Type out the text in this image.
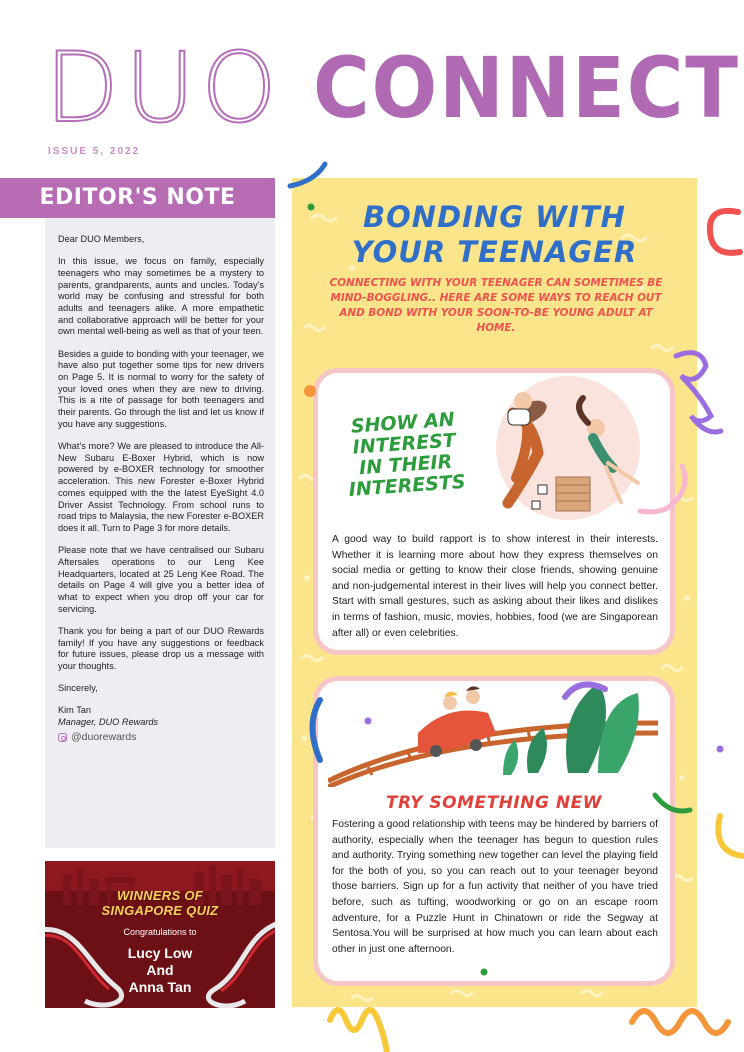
DUO CONNECT
ISSUE 5, 2022
EDITOR'S NOTE

Dear DUO Members,

In this issue, we focus on family, especially teenagers who may sometimes be a mystery to parents, grandparents, aunts and uncles. Today's world may be confusing and stressful for both adults and teenagers alike. A more empathetic and collaborative approach will be better for your own mental well-being as well as that of your teen.

Besides a guide to bonding with your teenager, we have also put together some tips for new drivers on Page 5. It is normal to worry for the safety of your loved ones when they are new to driving. This is a rite of passage for both teenagers and their parents. Go through the list and let us know if you have any suggestions.

What's more? We are pleased to introduce the All-New Subaru E-Boxer Hybrid, which is now powered by e-BOXER technology for smoother acceleration. This new Forester e-Boxer Hybrid comes equipped with the the latest EyeSight 4.0 Driver Assist Technology. From school runs to road trips to Malaysia, the new Forester e-BOXER does it all. Turn to Page 3 for more details.

Please note that we have centralised our Subaru Aftersales operations to our Leng Kee Headquarters, located at 25 Leng Kee Road. The details on Page 4 will give you a better idea of what to expect when you drop off your car for servicing.

Thank you for being a part of our DUO Rewards family! If you have any suggestions or feedback for future issues, please drop us a message with your thoughts.

Sincerely,

Kim Tan

Manager, DUO Rewards

@duorewards
WINNERS OF
SINGAPORE QUIZ
Congratulations to
Lucy Low
And
Anna Tan
BONDING WITH
YOUR TEENAGER
CONNECTING WITH YOUR TEENAGER CAN SOMETIMES BE MIND-BOGGLING.. HERE ARE SOME WAYS TO REACH OUT AND BOND WITH YOUR SOON-TO-BE YOUNG ADULT AT HOME.
SHOW AN INTEREST IN THEIR INTERESTS
A good way to build rapport is to show interest in their interests. Whether it is learning more about how they express themselves on social media or getting to know their close friends, showing genuine and non-judgemental interest in their lives will help you connect better. Start with small gestures, such as asking about their likes and dislikes in terms of fashion, music, movies, hobbies, food (we are Singaporean after all) or even celebrities.
TRY SOMETHING NEW
Fostering a good relationship with teens may be hindered by barriers of authority, especially when the teenager has begun to question rules and authority. Trying something new together can level the playing field for the both of you, so you can reach out to your teenager beyond those barriers. Sign up for a fun activity that neither of you have tried before, such as tufting, woodworking or go on an escape room adventure, for a Puzzle Hunt in Chinatown or ride the Segway at Sentosa.You will be surprised at how much you can learn about each other in just one afternoon.
